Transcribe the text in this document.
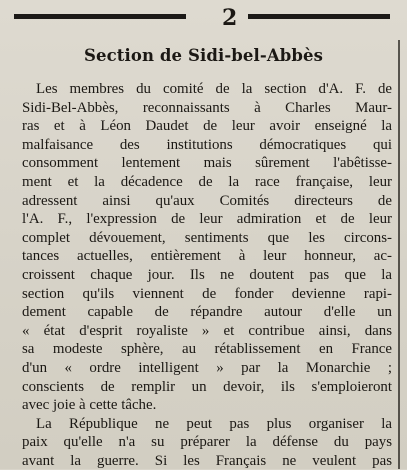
2
Section de Sidi-bel-Abbès
Les membres du comité de la section d'A. F. de
Sidi-Bel-Abbès, reconnaissants à Charles Maur-
ras et à Léon Daudet de leur avoir enseigné la
malfaisance des institutions démocratiques qui
consomment lentement mais sûrement l'abêtisse-
ment et la décadence de la race française, leur
adressent ainsi qu'aux Comités directeurs de
l'A. F., l'expression de leur admiration et de leur
complet dévouement, sentiments que les circons-
tances actuelles, entièrement à leur honneur, ac-
croissent chaque jour. Ils ne doutent pas que la
section qu'ils viennent de fonder devienne rapi-
dement capable de répandre autour d'elle un
« état d'esprit royaliste » et contribue ainsi, dans
sa modeste sphère, au rétablissement en France
d'un « ordre intelligent » par la Monarchie ;
conscients de remplir un devoir, ils s'emploieront
avec joie à cette tâche.
La République ne peut pas plus organiser la
paix qu'elle n'a su préparer la défense du pays
avant la guerre. Si les Français ne veulent pas
